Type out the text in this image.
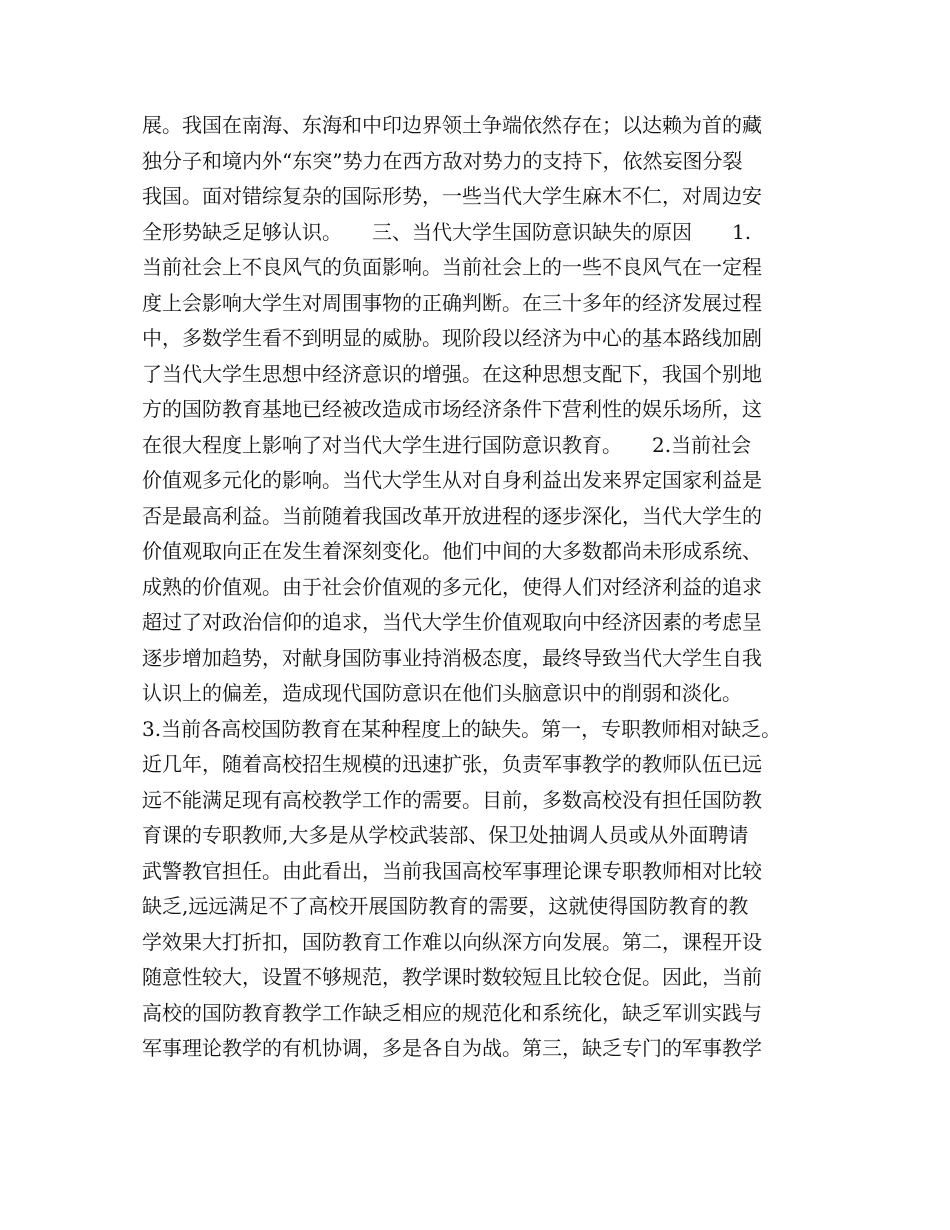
展。我国在南海、东海和中印边界领土争端依然存在；以达赖为首的藏
独分子和境内外“东突”势力在西方敌对势力的支持下，依然妄图分裂
我国。面对错综复杂的国际形势，一些当代大学生麻木不仁，对周边安
全形势缺乏足够认识。　　三、当代大学生国防意识缺失的原因　　1.
当前社会上不良风气的负面影响。当前社会上的一些不良风气在一定程
度上会影响大学生对周围事物的正确判断。在三十多年的经济发展过程
中，多数学生看不到明显的威胁。现阶段以经济为中心的基本路线加剧
了当代大学生思想中经济意识的增强。在这种思想支配下，我国个别地
方的国防教育基地已经被改造成市场经济条件下营利性的娱乐场所，这
在很大程度上影响了对当代大学生进行国防意识教育。　　2.当前社会
价值观多元化的影响。当代大学生从对自身利益出发来界定国家利益是
否是最高利益。当前随着我国改革开放进程的逐步深化，当代大学生的
价值观取向正在发生着深刻变化。他们中间的大多数都尚未形成系统、
成熟的价值观。由于社会价值观的多元化，使得人们对经济利益的追求
超过了对政治信仰的追求，当代大学生价值观取向中经济因素的考虑呈
逐步增加趋势，对献身国防事业持消极态度，最终导致当代大学生自我
认识上的偏差，造成现代国防意识在他们头脑意识中的削弱和淡化。
3.当前各高校国防教育在某种程度上的缺失。第一，专职教师相对缺乏。
近几年，随着高校招生规模的迅速扩张，负责军事教学的教师队伍已远
远不能满足现有高校教学工作的需要。目前，多数高校没有担任国防教
育课的专职教师,大多是从学校武装部、保卫处抽调人员或从外面聘请
武警教官担任。由此看出，当前我国高校军事理论课专职教师相对比较
缺乏,远远满足不了高校开展国防教育的需要，这就使得国防教育的教
学效果大打折扣，国防教育工作难以向纵深方向发展。第二，课程开设
随意性较大，设置不够规范，教学课时数较短且比较仓促。因此，当前
高校的国防教育教学工作缺乏相应的规范化和系统化，缺乏军训实践与
军事理论教学的有机协调，多是各自为战。第三，缺乏专门的军事教学
